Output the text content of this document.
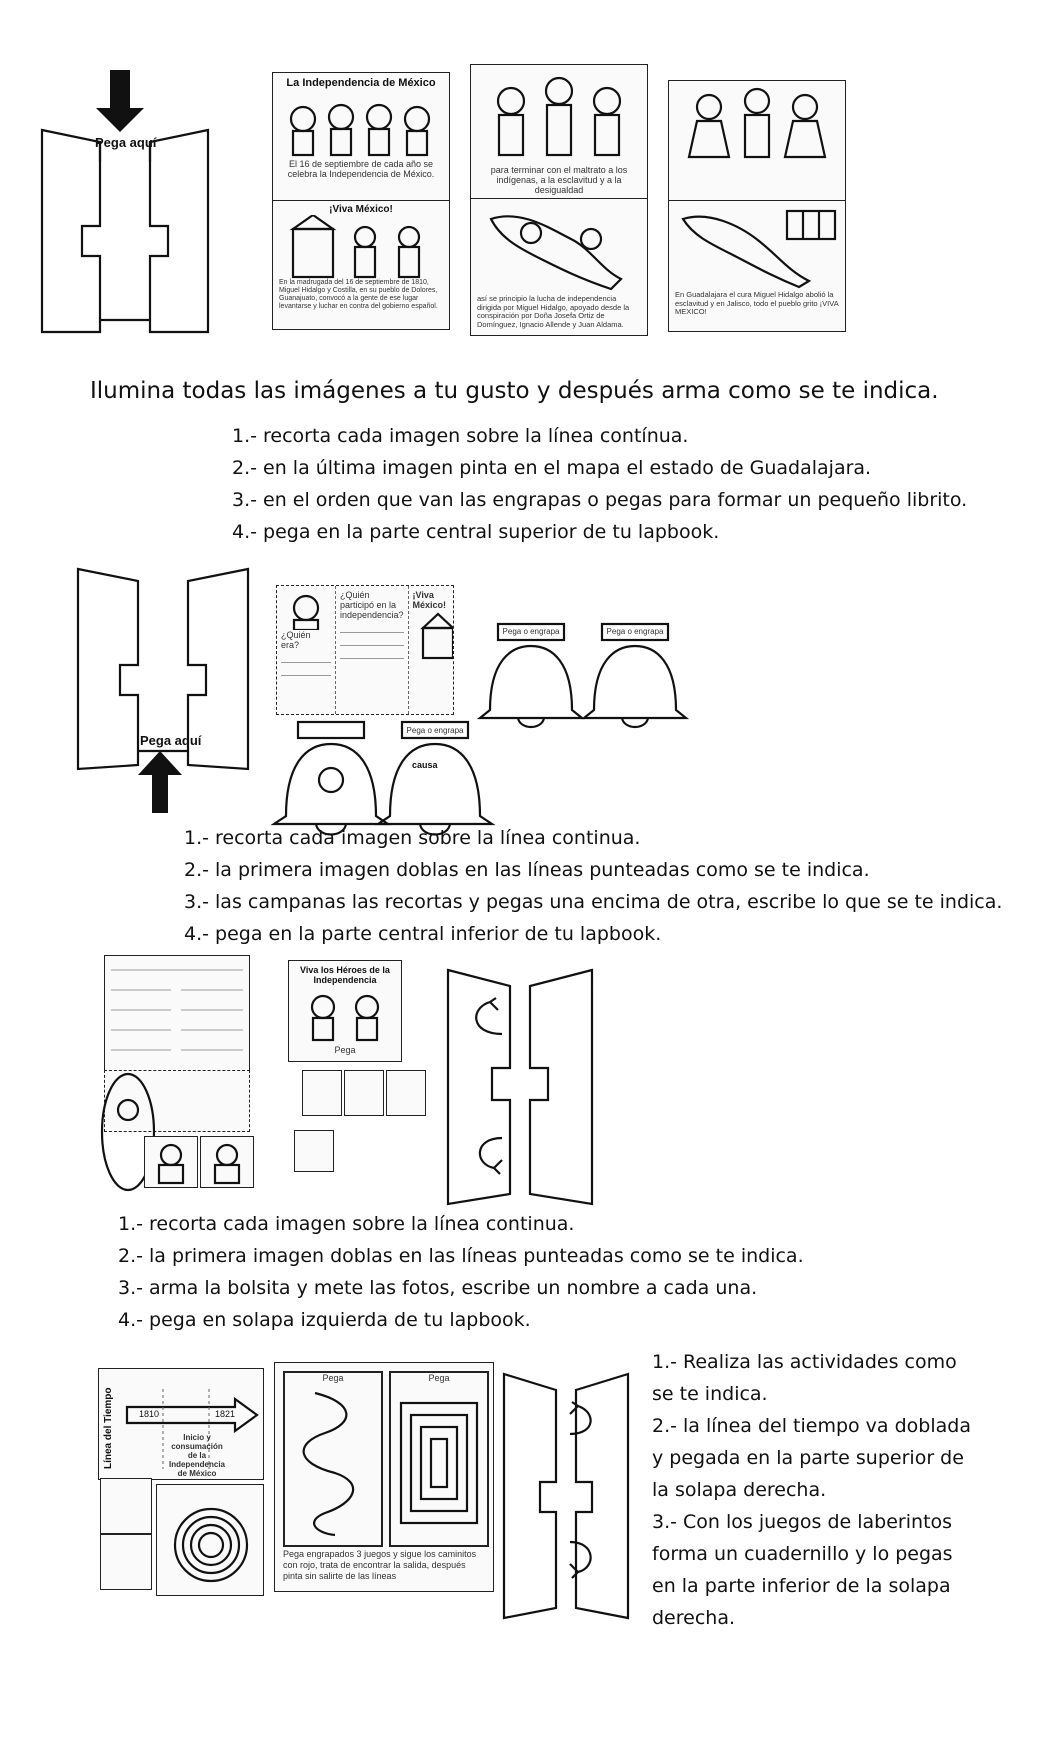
Pega aquí
La Independencia de México
El 16 de septiembre de cada año se celebra la Independencia de México.
¡Viva México!
En la madrugada del 16 de septiembre de 1810, Miguel Hidalgo y Costilla, en su pueblo de Dolores, Guanajuato, convocó a la gente de ese lugar levantarse y luchar en contra del gobierno español.
para terminar con el maltrato a los indígenas, a la esclavitud y a la desigualdad
así se principio la lucha de independencia dirigida por Miguel Hidalgo, apoyado desde la conspiración por Doña Josefa Ortiz de Domínguez, Ignacio Allende y Juan Aldama.
En Guadalajara el cura Miguel Hidalgo abolió la esclavitud y en Jalisco, todo el pueblo grito ¡VIVA MEXICO!
Ilumina todas las imágenes a tu gusto y después arma como se te indica.
1.- recorta cada imagen sobre la línea contínua.
2.- en la última imagen pinta en el mapa el estado de Guadalajara.
3.- en el orden que van las engrapas o pegas para formar un pequeño librito.
4.- pega en la parte central superior de tu lapbook.
Pega aquí
¿Quién era?
¿Quién participó en la independencia?
¡Viva México!
Pega o engrapa	Pega o engrapa
Pega o engrapa
causa
1.- recorta cada imagen sobre la línea continua.
2.- la primera imagen doblas en las líneas punteadas como se te indica.
3.- las campanas las recortas y pegas una encima de otra, escribe lo que se te indica.
4.- pega en la parte central inferior de tu lapbook.
Viva los Héroes de la Independencia
Pega
1.- recorta cada imagen sobre la línea continua.
2.- la primera imagen doblas en las líneas punteadas como se te indica.
3.- arma la bolsita y mete las fotos, escribe un nombre a cada una.
4.- pega en solapa izquierda de tu lapbook.
Línea del Tiempo	1810	1821
Inicio y consumación de la Independencia de México
Pega	Pega
Pega engrapados 3 juegos y sigue los caminitos con rojo, trata de encontrar la salida, después pinta sin salirte de las líneas
1.- Realiza las actividades como se te indica.
2.- la línea del tiempo va doblada y pegada en la parte superior de la solapa derecha.
3.- Con los juegos de laberintos forma un cuadernillo y lo pegas en la parte inferior de la solapa derecha.
